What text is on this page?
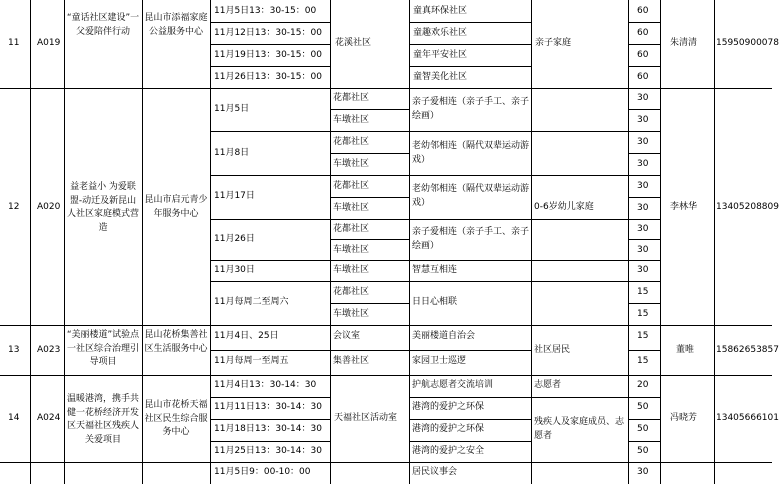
11 A019
“童话社区建设”一父爱陪伴行动
昆山市添福家庭公益服务中心
11月5日13：30-15：00
11月12日13：30-15：00
11月19日13：30-15：00
11月26日13：30-15：00
花溪社区
童真环保社区
童趣欢乐社区
童年平安社区
童智美化社区
亲子家庭
60
60
60
60
朱清清 15950900078
12 A020
益老益小 为爱联盟-动迁及新昆山人社区家庭模式营造
昆山市启元青少年服务中心
11月5日
11月8日
11月17日
11月26日
11月30日
11月每周二至周六
花都社区
车墩社区
花都社区
车墩社区
花都社区
车墩社区
花都社区
车墩社区
车墩社区
花都社区
车墩社区
亲子爱相连（亲子手工、亲子绘画）
老幼邻相连（隔代双辈运动游戏）
老幼邻相连（隔代双辈运动游戏）
亲子爱相连（亲子手工、亲子绘画）
智慧互相连
日日心相联
0-6岁幼儿家庭
30
30
30
30
30
30
30
30
30
15
15
李林华 13405208809
13 A023
“美丽楼道”试验点一社区综合治理引导项目
昆山花桥集善社区生活服务中心
11月4日、25日
11月每周一至周五
会议室
集善社区
美丽楼道自治会
家园卫士巡逻
社区居民
15
15
董唯 15862653857
14 A024
温暖港湾，携手共健一花桥经济开发区天福社区残疾人关爱项目
昆山市花桥天福社区民生综合服务中心
11月4日13：30-14：30
11月11日13：30-14：30
11月18日13：30-14：30
11月25日13：30-14：30
天福社区活动室
护航志愿者交流培训
港湾的爱护之环保
港湾的爱护之环保
港湾的爱护之安全
志愿者
残疾人及家庭成员、志愿者
20
50
50
50
冯晓芳 13405666101
11月5日9：00-10：00	居民议事会	30
